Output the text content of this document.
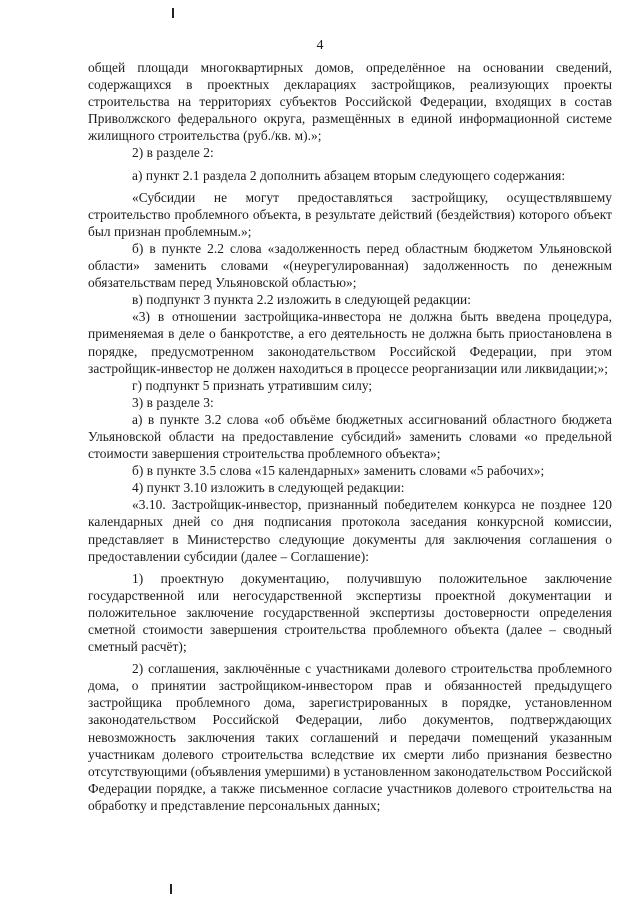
4

общей площади многоквартирных домов, определённое на основании сведений, содержащихся в проектных декларациях застройщиков, реализующих проекты строительства на территориях субъектов Российской Федерации, входящих в состав Приволжского федерального округа, размещённых в единой информационной системе жилищного строительства (руб./кв. м).»;

2) в разделе 2:

а) пункт 2.1 раздела 2 дополнить абзацем вторым следующего содержания:

«Субсидии не могут предоставляться застройщику, осуществлявшему строительство проблемного объекта, в результате действий (бездействия) которого объект был признан проблемным.»;

б) в пункте 2.2 слова «задолженность перед областным бюджетом Ульяновской области» заменить словами «(неурегулированная) задолженность по денежным обязательствам перед Ульяновской областью»;

в) подпункт 3 пункта 2.2 изложить в следующей редакции:

«3) в отношении застройщика-инвестора не должна быть введена процедура, применяемая в деле о банкротстве, а его деятельность не должна быть приостановлена в порядке, предусмотренном законодательством Российской Федерации, при этом застройщик-инвестор не должен находиться в процессе реорганизации или ликвидации;»;

г) подпункт 5 признать утратившим силу;

3) в разделе 3:

а) в пункте 3.2 слова «об объёме бюджетных ассигнований областного бюджета Ульяновской области на предоставление субсидий» заменить словами «о предельной стоимости завершения строительства проблемного объекта»;

б) в пункте 3.5 слова «15 календарных» заменить словами «5 рабочих»;

4) пункт 3.10 изложить в следующей редакции:

«3.10. Застройщик-инвестор, признанный победителем конкурса не позднее 120 календарных дней со дня подписания протокола заседания конкурсной комиссии, представляет в Министерство следующие документы для заключения соглашения о предоставлении субсидии (далее – Соглашение):

1) проектную документацию, получившую положительное заключение государственной или негосударственной экспертизы проектной документации и положительное заключение государственной экспертизы достоверности определения сметной стоимости завершения строительства проблемного объекта (далее – сводный сметный расчёт);

2) соглашения, заключённые с участниками долевого строительства проблемного дома, о принятии застройщиком-инвестором прав и обязанностей предыдущего застройщика проблемного дома, зарегистрированных в порядке, установленном законодательством Российской Федерации, либо документов, подтверждающих невозможность заключения таких соглашений и передачи помещений указанным участникам долевого строительства вследствие их смерти либо признания безвестно отсутствующими (объявления умершими) в установленном законодательством Российской Федерации порядке, а также письменное согласие участников долевого строительства на обработку и представление персональных данных;
